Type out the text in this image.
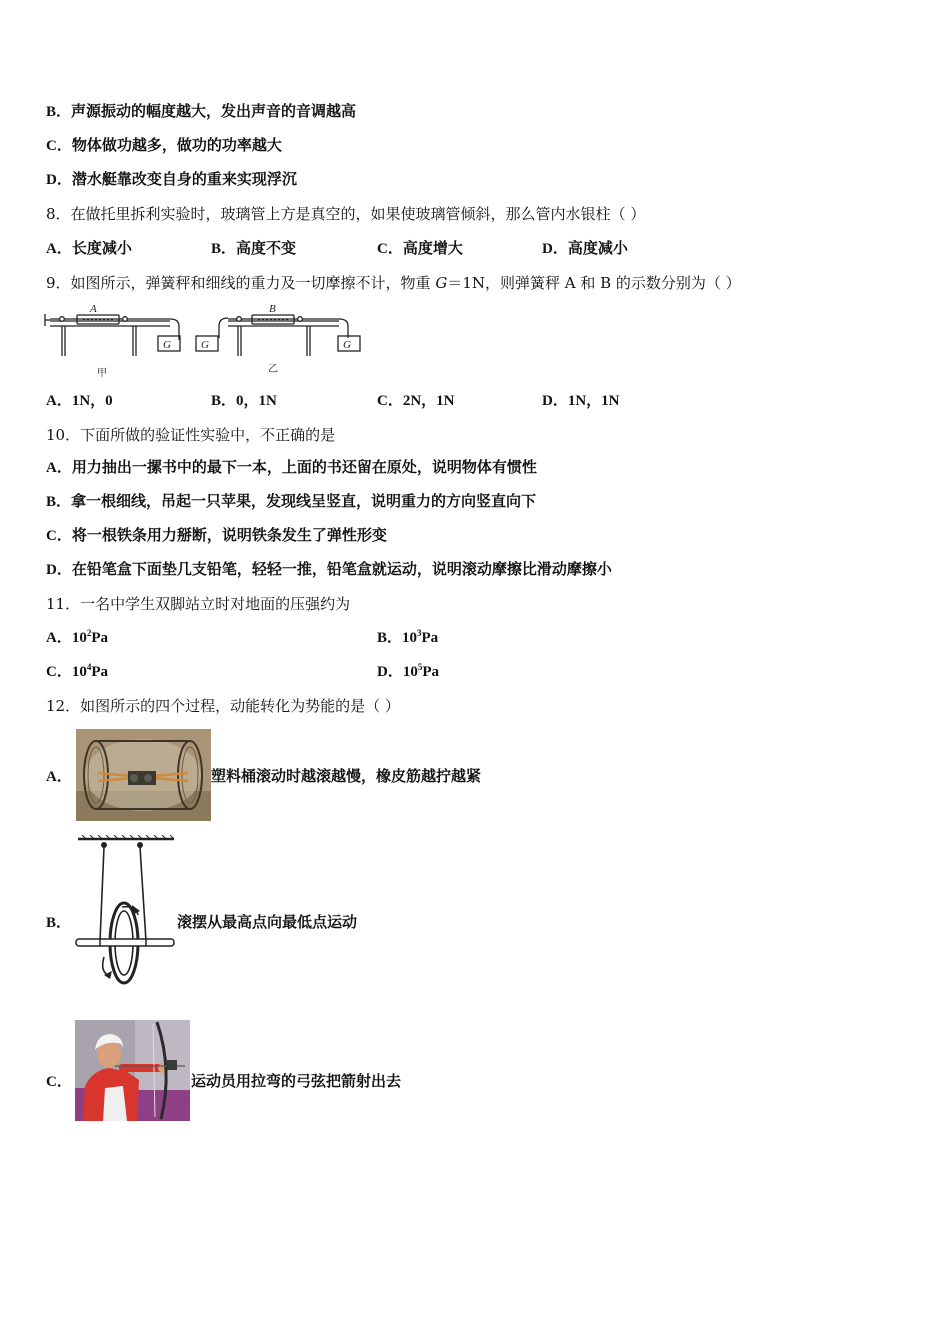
B．声源振动的幅度越大，发出声音的音调越高
C．物体做功越多，做功的功率越大
D．潜水艇靠改变自身的重来实现浮沉
8．在做托里拆利实验时，玻璃管上方是真空的，如果使玻璃管倾斜，那么管内水银柱（ ）
A．长度减小	B．高度不变	C．高度增大	D．高度减小
9．如图所示，弹簧秤和细线的重力及一切摩擦不计，物重 G＝1N，则弹簧秤 A 和 B 的示数分别为（ ）
A	B
G	G	G
甲	乙
A．1N，0	B．0，1N	C．2N，1N	D．1N，1N
10．下面所做的验证性实验中，不正确的是
A．用力抽出一摞书中的最下一本，上面的书还留在原处，说明物体有惯性
B．拿一根细线，吊起一只苹果，发现线呈竖直，说明重力的方向竖直向下
C．将一根铁条用力掰断，说明铁条发生了弹性形变
D．在铅笔盒下面垫几支铅笔，轻轻一推，铅笔盒就运动，说明滚动摩擦比滑动摩擦小
11．一名中学生双脚站立时对地面的压强约为
A．$10^2Pa$	B．$10^3Pa$
C．$10^4Pa$	D．$10^5Pa$
12．如图所示的四个过程，动能转化为势能的是（ ）
A．	塑料桶滚动时越滚越慢，橡皮筋越拧越紧
B．	滚摆从最高点向最低点运动
C．	运动员用拉弯的弓弦把箭射出去
